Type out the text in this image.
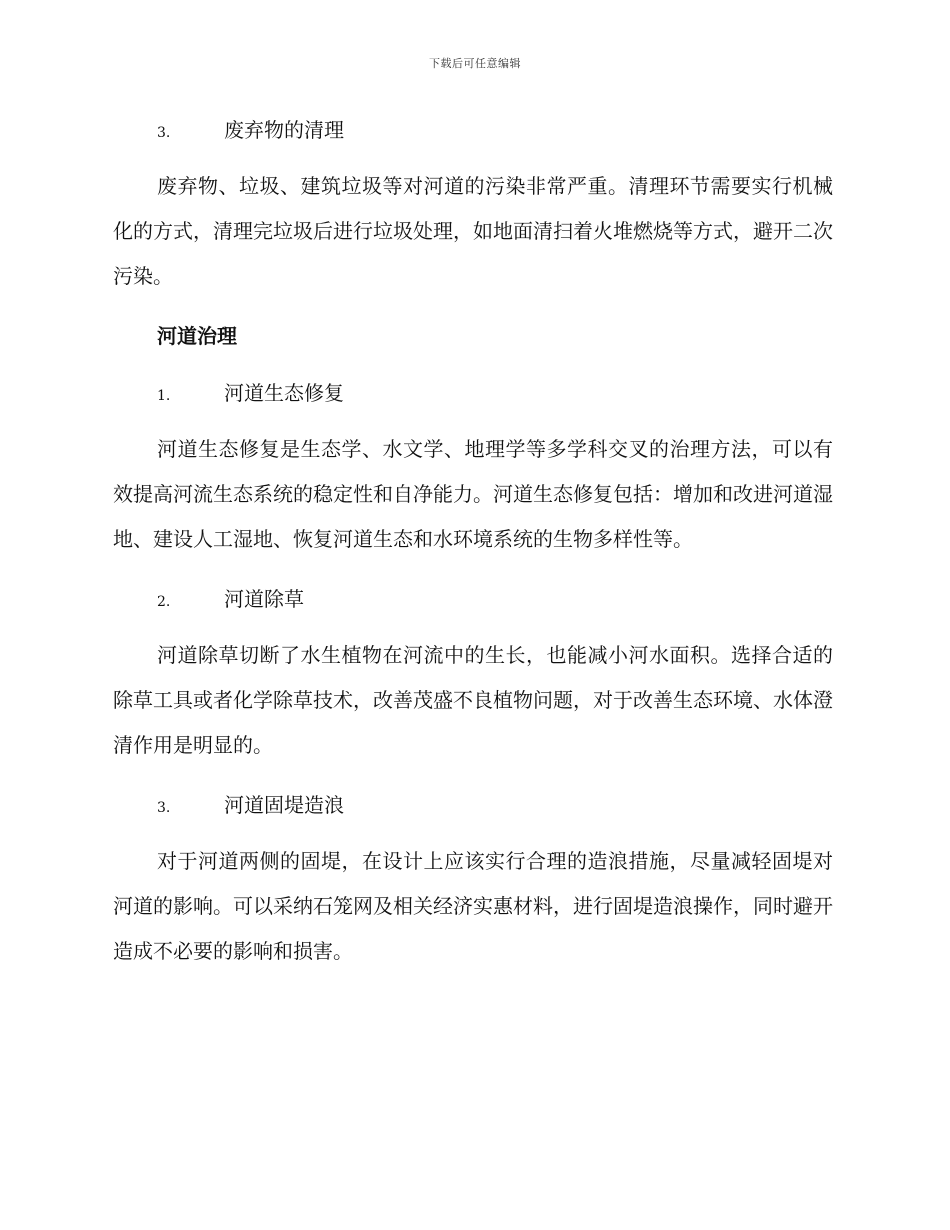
下载后可任意编辑
3.	废弃物的清理

废弃物、垃圾、建筑垃圾等对河道的污染非常严重。清理环节需要实行机械化的方式，清理完垃圾后进行垃圾处理，如地面清扫着火堆燃烧等方式，避开二次污染。

河道治理
1.	河道生态修复

河道生态修复是生态学、水文学、地理学等多学科交叉的治理方法，可以有效提高河流生态系统的稳定性和自净能力。河道生态修复包括：增加和改进河道湿地、建设人工湿地、恢复河道生态和水环境系统的生物多样性等。

2.	河道除草

河道除草切断了水生植物在河流中的生长，也能减小河水面积。选择合适的除草工具或者化学除草技术，改善茂盛不良植物问题，对于改善生态环境、水体澄清作用是明显的。

3.	河道固堤造浪

对于河道两侧的固堤，在设计上应该实行合理的造浪措施，尽量减轻固堤对河道的影响。可以采纳石笼网及相关经济实惠材料，进行固堤造浪操作，同时避开造成不必要的影响和损害。
